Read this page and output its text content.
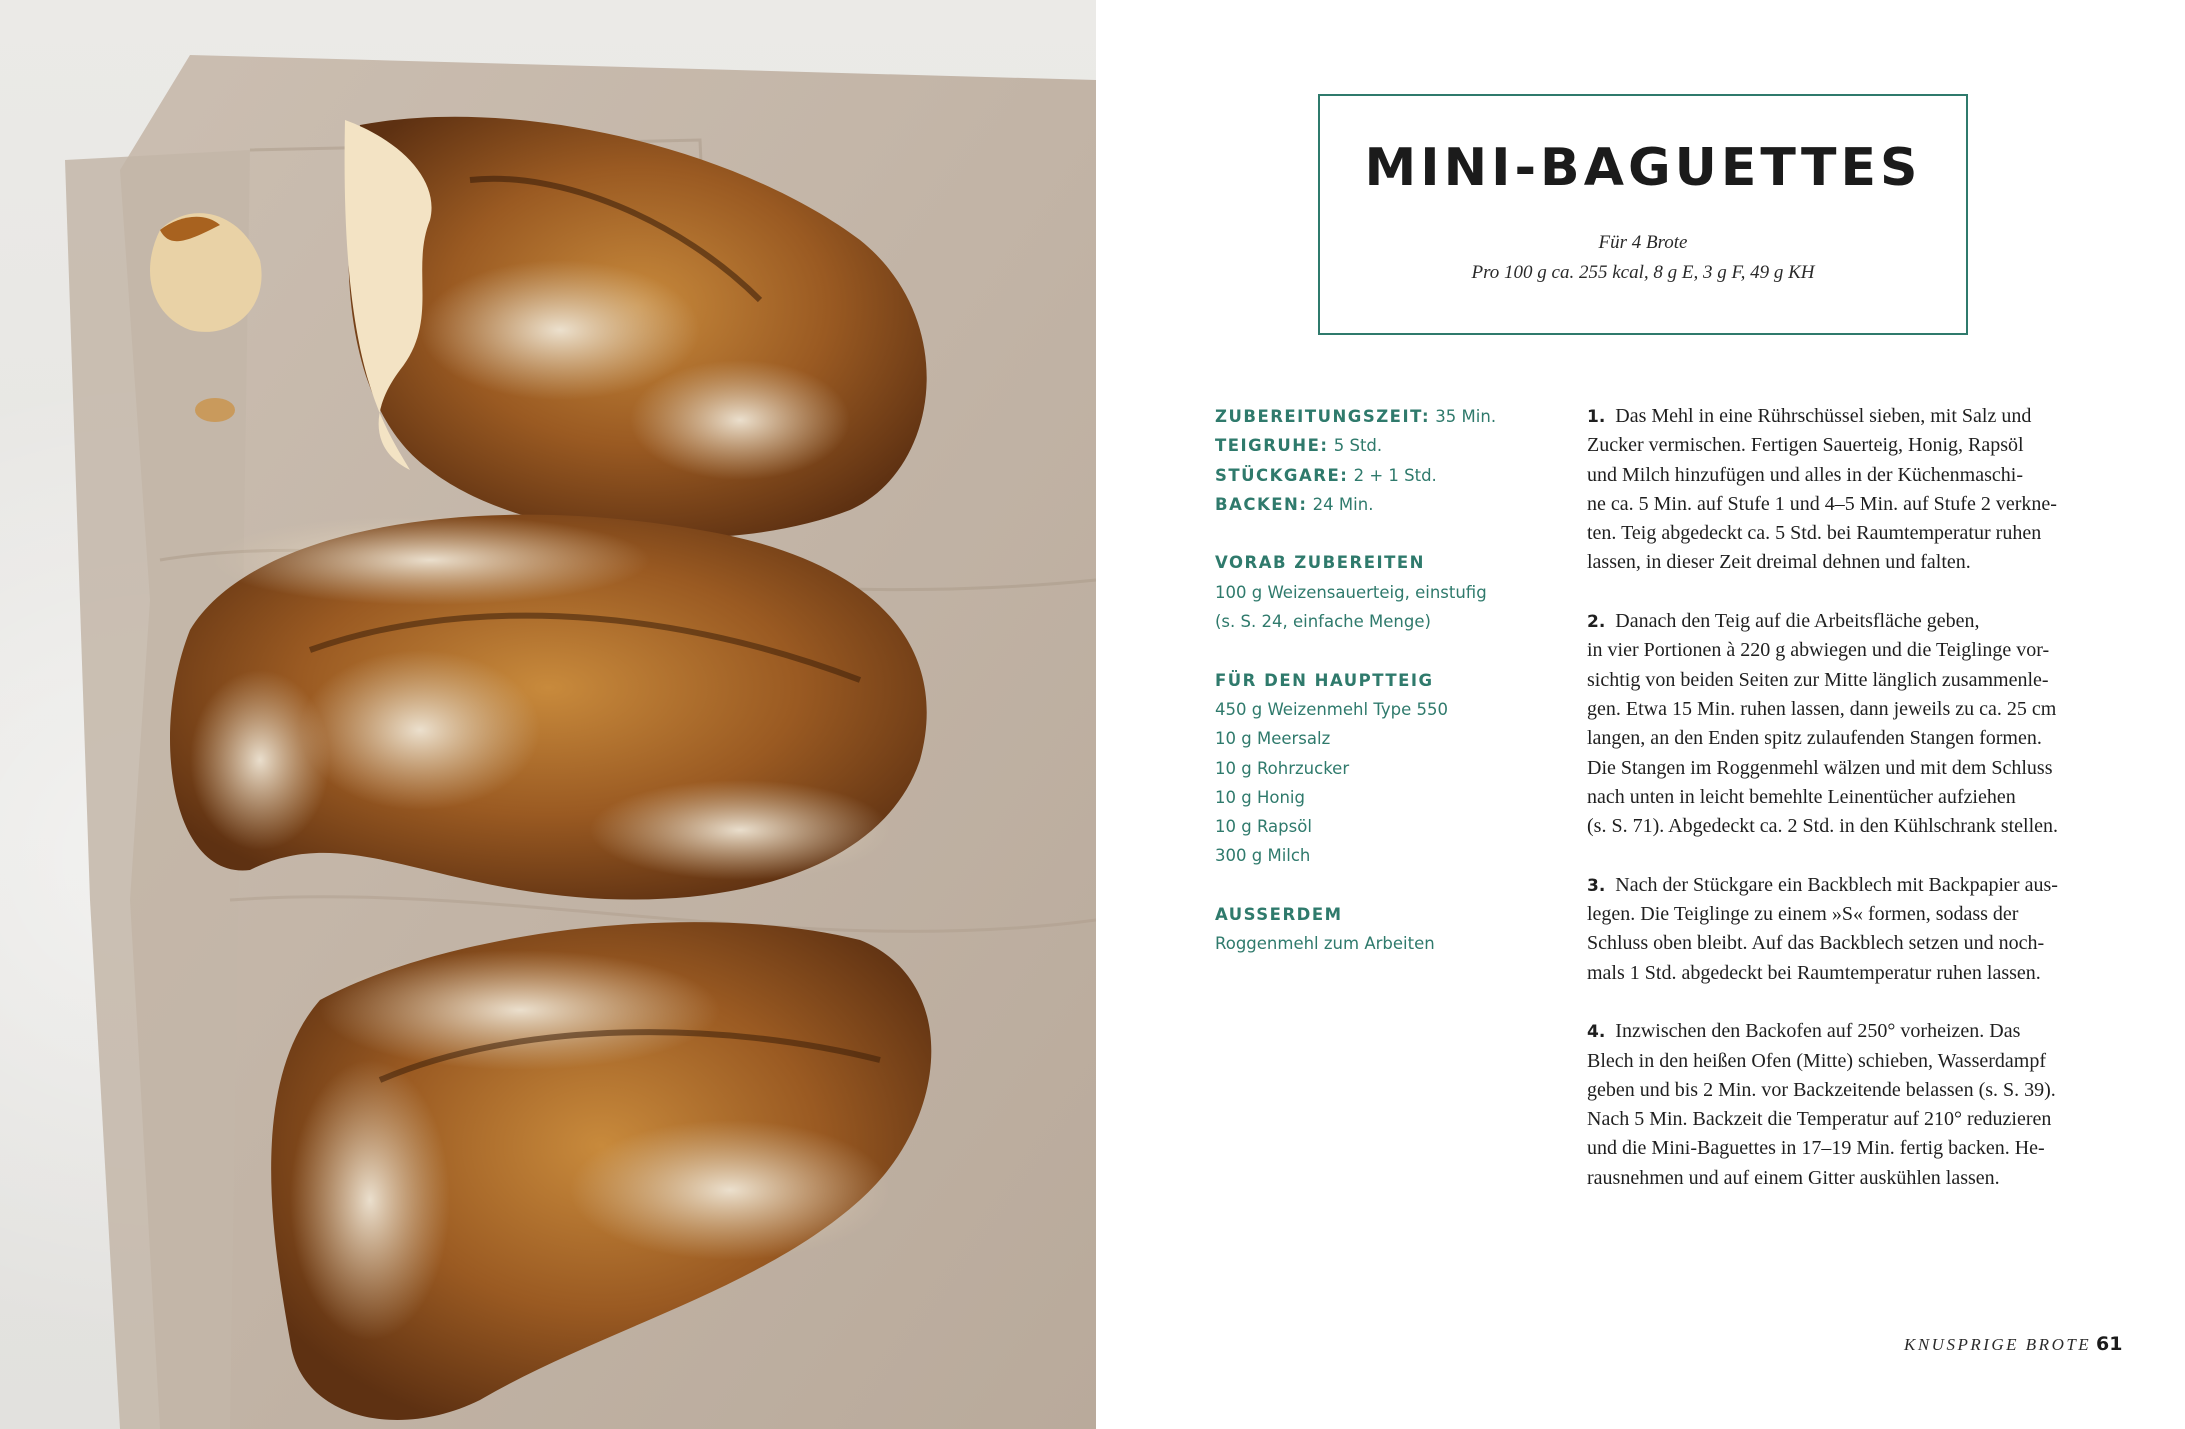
MINI-BAGUETTES
Für 4 Brote
Pro 100 g ca. 255 kcal, 8 g E, 3 g F, 49 g KH
ZUBEREITUNGSZEIT: 35 Min.
TEIGRUHE: 5 Std.
STÜCKGARE: 2 + 1 Std.
BACKEN: 24 Min.
VORAB ZUBEREITEN
100 g Weizensauerteig, einstufig
(s. S. 24, einfache Menge)
FÜR DEN HAUPTTEIG
450 g Weizenmehl Type 550
10 g Meersalz
10 g Rohrzucker
10 g Honig
10 g Rapsöl
300 g Milch
AUSSERDEM
Roggenmehl zum Arbeiten
1. Das Mehl in eine Rührschüssel sieben, mit Salz und
Zucker vermischen. Fertigen Sauerteig, Honig, Rapsöl
und Milch hinzufügen und alles in der Küchenmaschi-
ne ca. 5 Min. auf Stufe 1 und 4–5 Min. auf Stufe 2 verkne-
ten. Teig abgedeckt ca. 5 Std. bei Raumtemperatur ruhen
lassen, in dieser Zeit dreimal dehnen und falten.
2. Danach den Teig auf die Arbeitsfläche geben,
in vier Portionen à 220 g abwiegen und die Teiglinge vor-
sichtig von beiden Seiten zur Mitte länglich zusammenle-
gen. Etwa 15 Min. ruhen lassen, dann jeweils zu ca. 25 cm
langen, an den Enden spitz zulaufenden Stangen formen.
Die Stangen im Roggenmehl wälzen und mit dem Schluss
nach unten in leicht bemehlte Leinentücher aufziehen
(s. S. 71). Abgedeckt ca. 2 Std. in den Kühlschrank stellen.
3. Nach der Stückgare ein Backblech mit Backpapier aus-
legen. Die Teiglinge zu einem »S« formen, sodass der
Schluss oben bleibt. Auf das Backblech setzen und noch-
mals 1 Std. abgedeckt bei Raumtemperatur ruhen lassen.
4. Inzwischen den Backofen auf 250° vorheizen. Das
Blech in den heißen Ofen (Mitte) schieben, Wasserdampf
geben und bis 2 Min. vor Backzeitende belassen (s. S. 39).
Nach 5 Min. Backzeit die Temperatur auf 210° reduzieren
und die Mini-Baguettes in 17–19 Min. fertig backen. He-
rausnehmen und auf einem Gitter auskühlen lassen.
KNUSPRIGE BROTE 61
